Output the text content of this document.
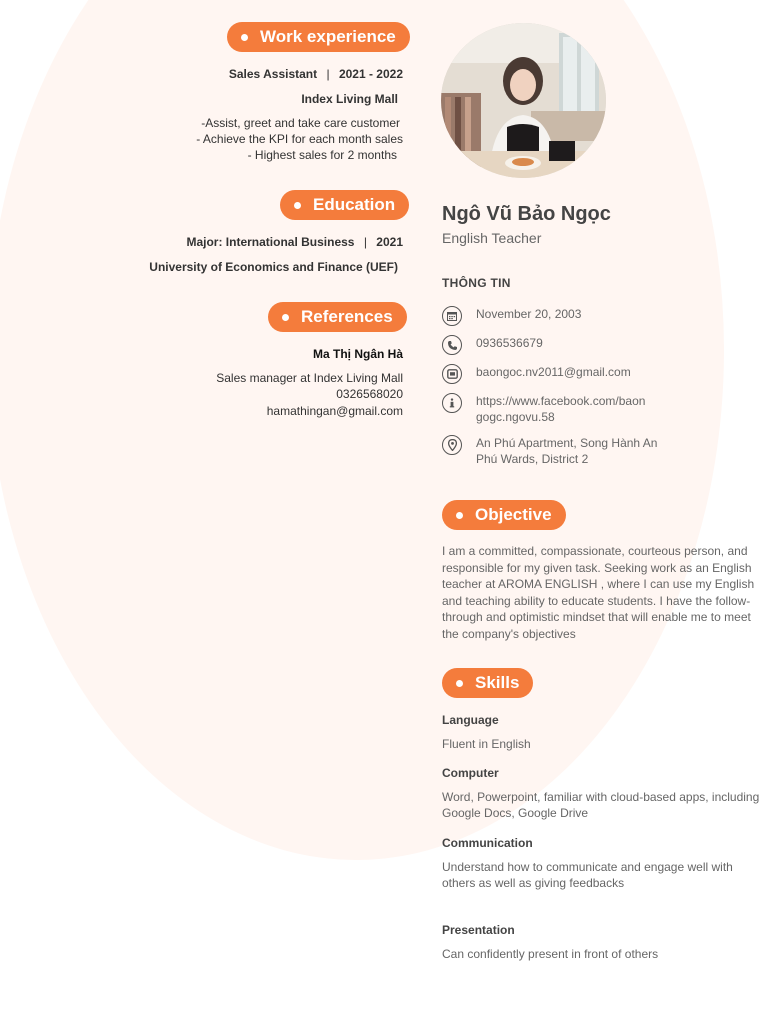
Work experience
Sales Assistant | 2021 - 2022
Index Living Mall
-Assist, greet and take care customer
- Achieve the KPI for each month sales
- Highest sales for 2 months
Education
Major: International Business | 2021
University of Economics and Finance (UEF)
References
Ma Thị Ngân Hà
Sales manager at Index Living Mall
0326568020
hamathingan@gmail.com
Ngô Vũ Bảo Ngọc
English Teacher
THÔNG TIN
November 20, 2003
0936536679
baongoc.nv2011@gmail.com
https://www.facebook.com/baon
gogc.ngovu.58
An Phú Apartment, Song Hành An
Phú Wards, District 2
Objective
I am a committed, compassionate, courteous person, and responsible for my given task. Seeking work as an English teacher at AROMA ENGLISH , where I can use my English and teaching ability to educate students. I have the follow-through and optimistic mindset that will enable me to meet the company's objectives
Skills
Language
Fluent in English
Computer
Word, Powerpoint, familiar with cloud-based apps, including Google Docs, Google Drive
Communication
Understand how to communicate and engage well with others as well as giving feedbacks
Presentation
Can confidently present in front of others
